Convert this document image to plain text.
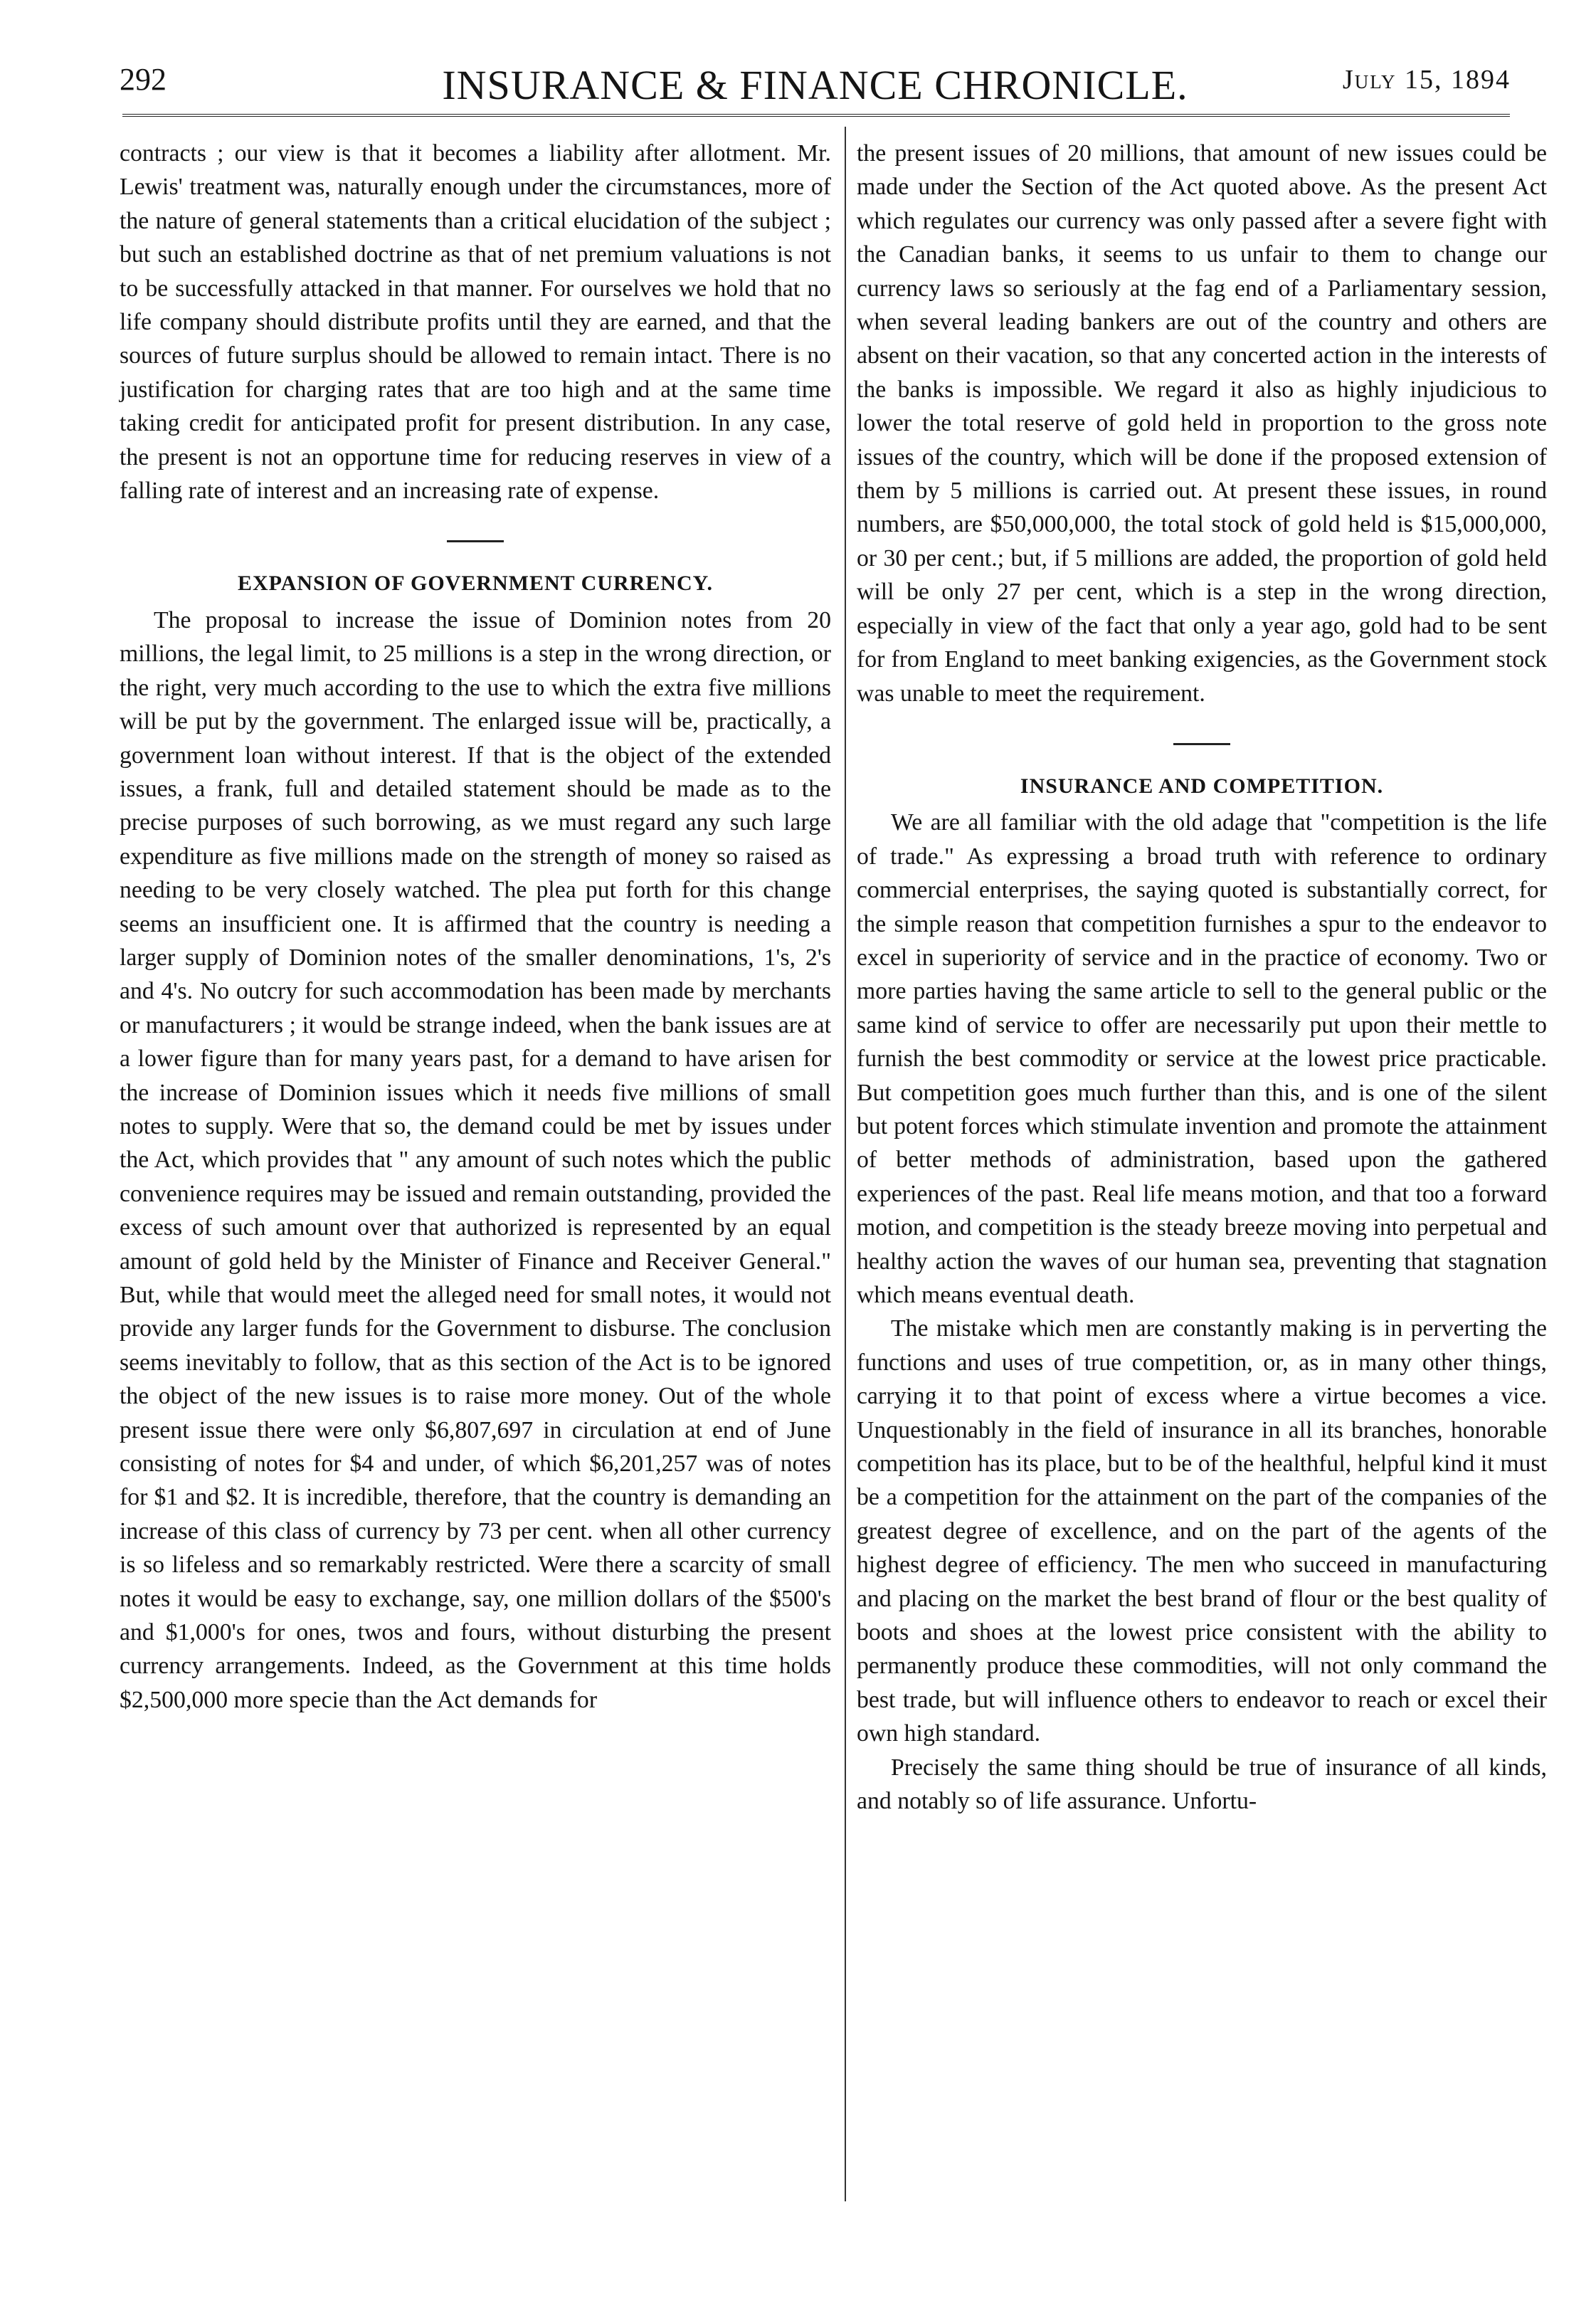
292	INSURANCE & FINANCE CHRONICLE.	July 15, 1894

contracts ; our view is that it becomes a liability after allotment. Mr. Lewis' treatment was, naturally enough under the circumstances, more of the nature of general statements than a critical elucidation of the subject ; but such an established doctrine as that of net premium valuations is not to be successfully attacked in that manner. For ourselves we hold that no life company should distribute profits until they are earned, and that the sources of future surplus should be allowed to remain intact. There is no justification for charging rates that are too high and at the same time taking credit for anticipated profit for present distribution. In any case, the present is not an opportune time for reducing reserves in view of a falling rate of interest and an increasing rate of expense.

EXPANSION OF GOVERNMENT CURRENCY.

The proposal to increase the issue of Dominion notes from 20 millions, the legal limit, to 25 millions is a step in the wrong direction, or the right, very much according to the use to which the extra five millions will be put by the government. The enlarged issue will be, practically, a government loan without interest. If that is the object of the extended issues, a frank, full and detailed statement should be made as to the precise purposes of such borrowing, as we must regard any such large expenditure as five millions made on the strength of money so raised as needing to be very closely watched. The plea put forth for this change seems an insufficient one. It is affirmed that the country is needing a larger supply of Dominion notes of the smaller denominations, 1's, 2's and 4's. No outcry for such accommodation has been made by merchants or manufacturers ; it would be strange indeed, when the bank issues are at a lower figure than for many years past, for a demand to have arisen for the increase of Dominion issues which it needs five millions of small notes to supply. Were that so, the demand could be met by issues under the Act, which provides that " any amount of such notes which the public convenience requires may be issued and remain outstanding, provided the excess of such amount over that authorized is represented by an equal amount of gold held by the Minister of Finance and Receiver General." But, while that would meet the alleged need for small notes, it would not provide any larger funds for the Government to disburse. The conclusion seems inevitably to follow, that as this section of the Act is to be ignored the object of the new issues is to raise more money. Out of the whole present issue there were only $6,807,697 in circulation at end of June consisting of notes for $4 and under, of which $6,201,257 was of notes for $1 and $2. It is incredible, therefore, that the country is demanding an increase of this class of currency by 73 per cent. when all other currency is so lifeless and so remarkably restricted. Were there a scarcity of small notes it would be easy to exchange, say, one million dollars of the $500's and $1,000's for ones, twos and fours, without disturbing the present currency arrangements. Indeed, as the Government at this time holds $2,500,000 more specie than the Act demands for

the present issues of 20 millions, that amount of new issues could be made under the Section of the Act quoted above. As the present Act which regulates our currency was only passed after a severe fight with the Canadian banks, it seems to us unfair to them to change our currency laws so seriously at the fag end of a Parliamentary session, when several leading bankers are out of the country and others are absent on their vacation, so that any concerted action in the interests of the banks is impossible. We regard it also as highly injudicious to lower the total reserve of gold held in proportion to the gross note issues of the country, which will be done if the proposed extension of them by 5 millions is carried out. At present these issues, in round numbers, are $50,000,000, the total stock of gold held is $15,000,000, or 30 per cent.; but, if 5 millions are added, the proportion of gold held will be only 27 per cent, which is a step in the wrong direction, especially in view of the fact that only a year ago, gold had to be sent for from England to meet banking exigencies, as the Government stock was unable to meet the requirement.

INSURANCE AND COMPETITION.

We are all familiar with the old adage that "competition is the life of trade." As expressing a broad truth with reference to ordinary commercial enterprises, the saying quoted is substantially correct, for the simple reason that competition furnishes a spur to the endeavor to excel in superiority of service and in the practice of economy. Two or more parties having the same article to sell to the general public or the same kind of service to offer are necessarily put upon their mettle to furnish the best commodity or service at the lowest price practicable. But competition goes much further than this, and is one of the silent but potent forces which stimulate invention and promote the attainment of better methods of administration, based upon the gathered experiences of the past. Real life means motion, and that too a forward motion, and competition is the steady breeze moving into perpetual and healthy action the waves of our human sea, preventing that stagnation which means eventual death.

The mistake which men are constantly making is in perverting the functions and uses of true competition, or, as in many other things, carrying it to that point of excess where a virtue becomes a vice. Unquestionably in the field of insurance in all its branches, honorable competition has its place, but to be of the healthful, helpful kind it must be a competition for the attainment on the part of the companies of the greatest degree of excellence, and on the part of the agents of the highest degree of efficiency. The men who succeed in manufacturing and placing on the market the best brand of flour or the best quality of boots and shoes at the lowest price consistent with the ability to permanently produce these commodities, will not only command the best trade, but will influence others to endeavor to reach or excel their own high standard.

Precisely the same thing should be true of insurance of all kinds, and notably so of life assurance. Unfortu-
